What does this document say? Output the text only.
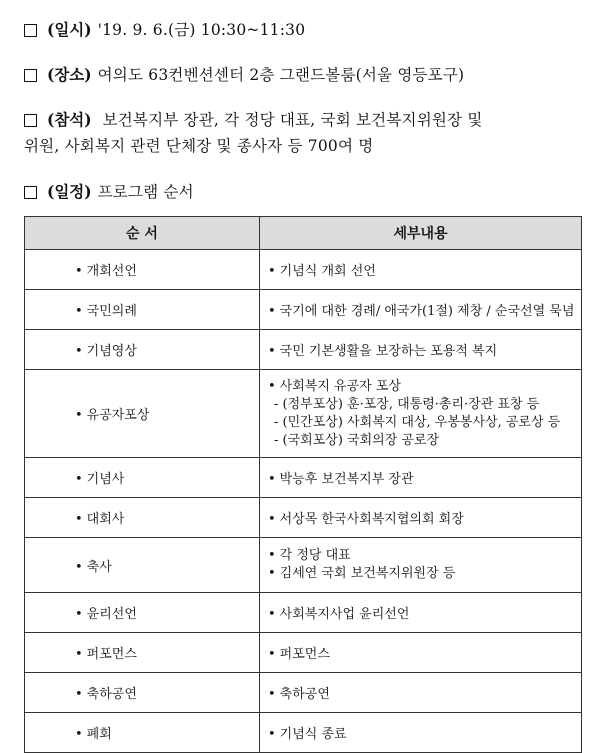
(일시) '19. 9. 6.(금) 10:30~11:30
(장소) 여의도 63컨벤션센터 2층 그랜드볼룸(서울 영등포구)
(참석) 보건복지부 장관, 각 정당 대표, 국회 보건복지위원장 및
위원, 사회복지 관련 단체장 및 종사자 등 700여 명
(일정) 프로그램 순서
순 서	세부내용
• 개회선언	• 기념식 개회 선언
• 국민의례	• 국기에 대한 경례/ 애국가(1절) 제창 / 순국선열 묵념
• 기념영상	• 국민 기본생활을 보장하는 포용적 복지
• 유공자포상	• 사회복지 유공자 포상
- (정부포상) 훈·포장, 대통령·총리·장관 표창 등
- (민간포상) 사회복지 대상, 우봉봉사상, 공로상 등
- (국회포상) 국회의장 공로장

• 기념사	• 박능후 보건복지부 장관
• 대회사	• 서상목 한국사회복지협의회 회장
• 축사	• 각 정당 대표
• 김세연 국회 보건복지위원장 등

• 윤리선언	• 사회복지사업 윤리선언
• 퍼포먼스	• 퍼포먼스
• 축하공연	• 축하공연
• 폐회	• 기념식 종료
